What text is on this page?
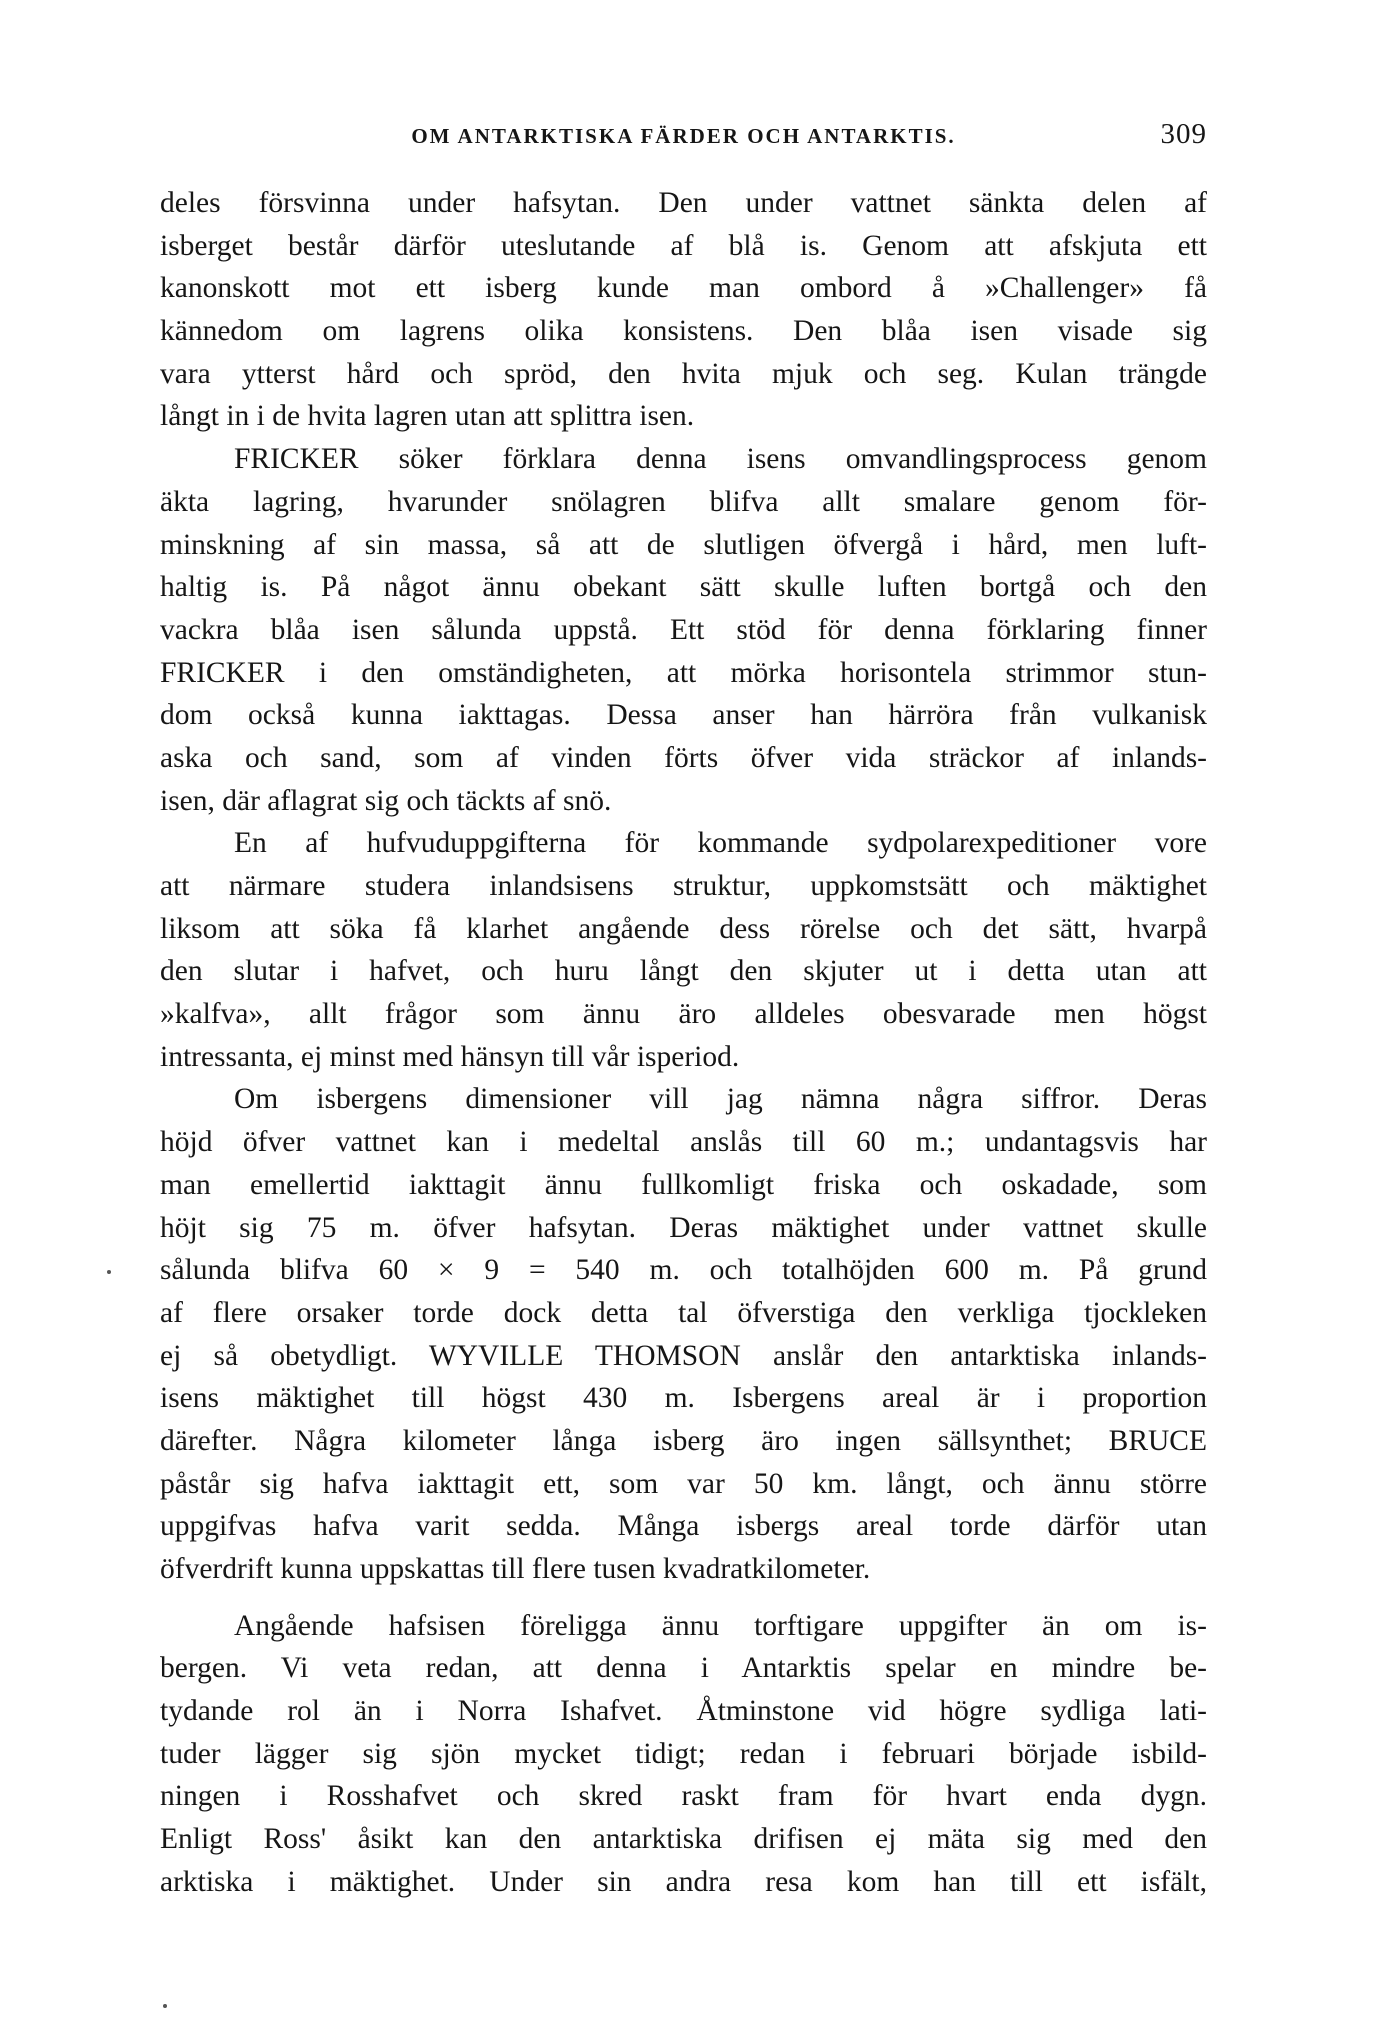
OM ANTARKTISKA FÄRDER OCH ANTARKTIS.	309
deles försvinna under hafsytan. Den under vattnet sänkta delen af
isberget består därför uteslutande af blå is. Genom att afskjuta ett
kanonskott mot ett isberg kunde man ombord å »Challenger» få
kännedom om lagrens olika konsistens. Den blåa isen visade sig
vara ytterst hård och spröd, den hvita mjuk och seg. Kulan trängde
långt in i de hvita lagren utan att splittra isen.
FRICKER söker förklara denna isens omvandlingsprocess genom
äkta lagring, hvarunder snölagren blifva allt smalare genom för-
minskning af sin massa, så att de slutligen öfvergå i hård, men luft-
haltig is. På något ännu obekant sätt skulle luften bortgå och den
vackra blåa isen sålunda uppstå. Ett stöd för denna förklaring finner
FRICKER i den omständigheten, att mörka horisontela strimmor stun-
dom också kunna iakttagas. Dessa anser han härröra från vulkanisk
aska och sand, som af vinden förts öfver vida sträckor af inlands-
isen, där aflagrat sig och täckts af snö.
En af hufvuduppgifterna för kommande sydpolarexpeditioner vore
att närmare studera inlandsisens struktur, uppkomstsätt och mäktighet
liksom att söka få klarhet angående dess rörelse och det sätt, hvarpå
den slutar i hafvet, och huru långt den skjuter ut i detta utan att
»kalfva», allt frågor som ännu äro alldeles obesvarade men högst
intressanta, ej minst med hänsyn till vår isperiod.
Om isbergens dimensioner vill jag nämna några siffror. Deras
höjd öfver vattnet kan i medeltal anslås till 60 m.; undantagsvis har
man emellertid iakttagit ännu fullkomligt friska och oskadade, som
höjt sig 75 m. öfver hafsytan. Deras mäktighet under vattnet skulle
sålunda blifva 60 × 9 = 540 m. och totalhöjden 600 m. På grund
af flere orsaker torde dock detta tal öfverstiga den verkliga tjockleken
ej så obetydligt. WYVILLE THOMSON anslår den antarktiska inlands-
isens mäktighet till högst 430 m. Isbergens areal är i proportion
därefter. Några kilometer långa isberg äro ingen sällsynthet; BRUCE
påstår sig hafva iakttagit ett, som var 50 km. långt, och ännu större
uppgifvas hafva varit sedda. Många isbergs areal torde därför utan
öfverdrift kunna uppskattas till flere tusen kvadratkilometer.
Angående hafsisen föreligga ännu torftigare uppgifter än om is-
bergen. Vi veta redan, att denna i Antarktis spelar en mindre be-
tydande rol än i Norra Ishafvet. Åtminstone vid högre sydliga lati-
tuder lägger sig sjön mycket tidigt; redan i februari började isbild-
ningen i Rosshafvet och skred raskt fram för hvart enda dygn.
Enligt Ross' åsikt kan den antarktiska drifisen ej mäta sig med den
arktiska i mäktighet. Under sin andra resa kom han till ett isfält,
